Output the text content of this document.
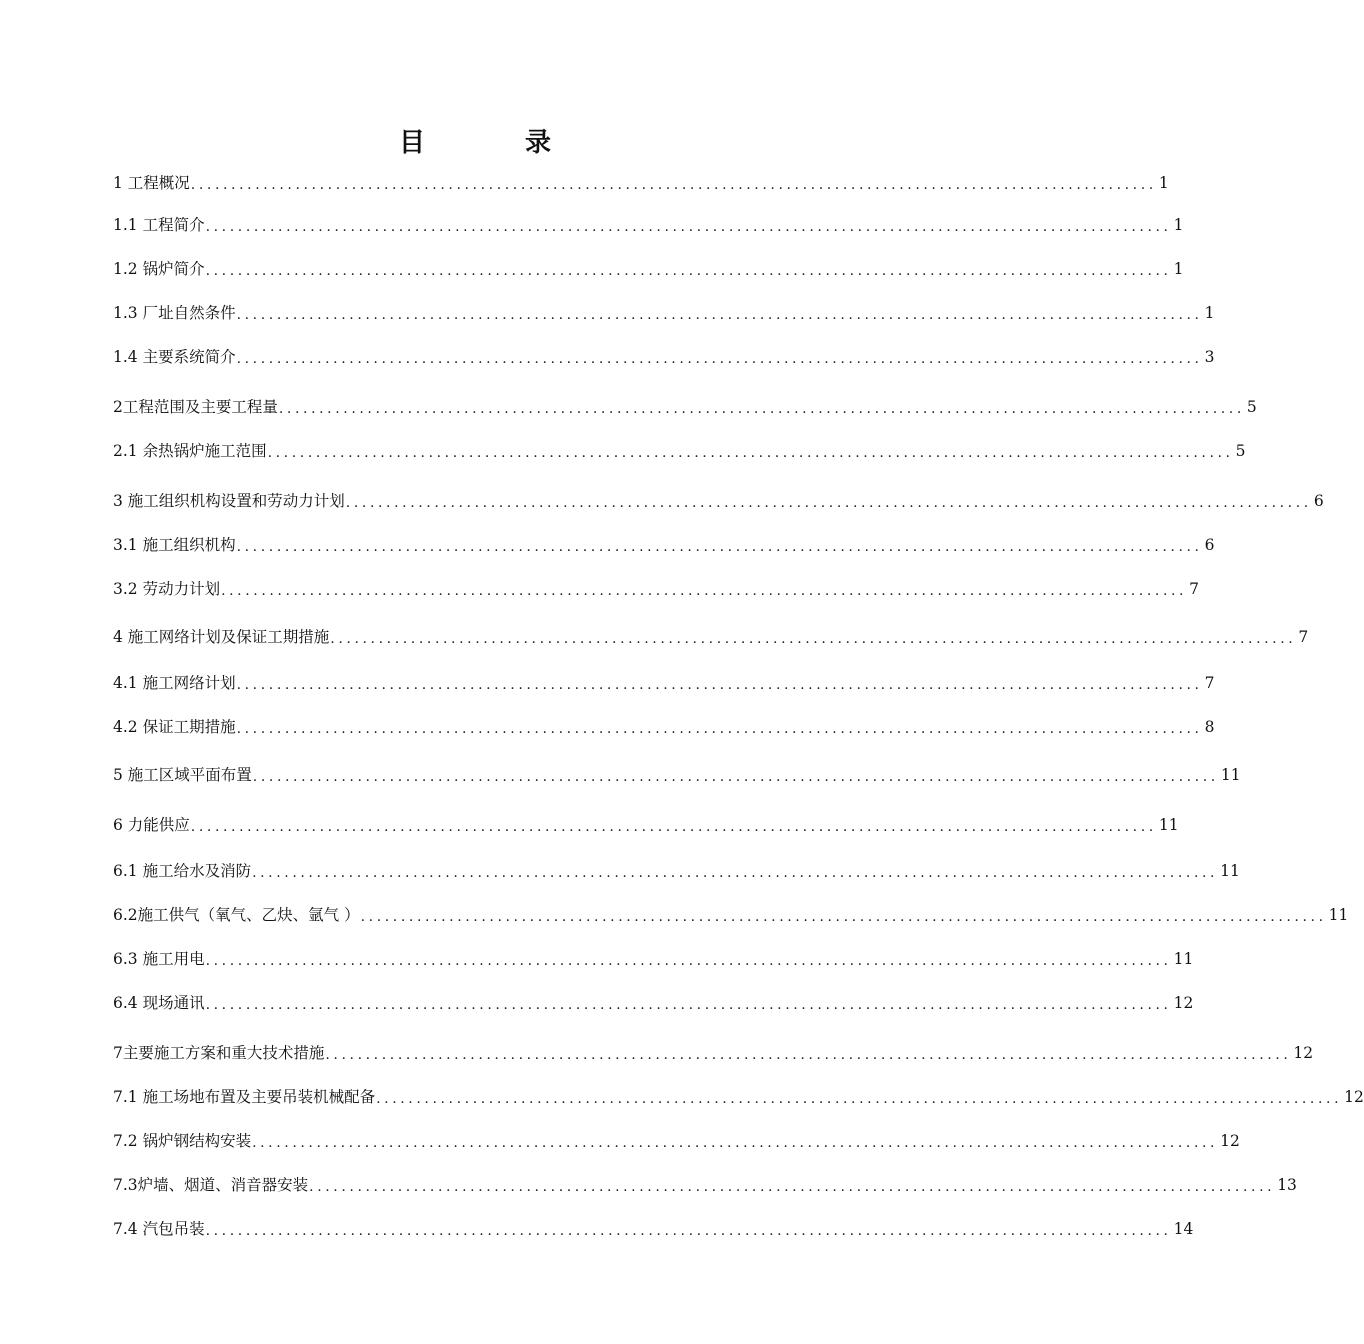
目	录
1 工程概况 ........................................................................................................................ 1
1.1 工程简介 ........................................................................................................................ 1
1.2 锅炉简介 ........................................................................................................................ 1
1.3 厂址自然条件 ........................................................................................................................ 1
1.4 主要系统简介 ........................................................................................................................ 3
2工程范围及主要工程量 ........................................................................................................................ 5
2.1 余热锅炉施工范围 ........................................................................................................................ 5
3 施工组织机构设置和劳动力计划 ........................................................................................................................ 6
3.1 施工组织机构 ........................................................................................................................ 6
3.2 劳动力计划 ........................................................................................................................ 7
4 施工网络计划及保证工期措施 ........................................................................................................................ 7
4.1 施工网络计划 ........................................................................................................................ 7
4.2 保证工期措施 ........................................................................................................................ 8
5 施工区域平面布置 ........................................................................................................................ 11
6 力能供应 ........................................................................................................................ 11
6.1 施工给水及消防 ........................................................................................................................ 11
6.2施工供气（氧气、乙炔、氩气 ） ........................................................................................................................ 11
6.3 施工用电 ........................................................................................................................ 11
6.4 现场通讯 ........................................................................................................................ 12
7主要施工方案和重大技术措施 ........................................................................................................................ 12
7.1 施工场地布置及主要吊装机械配备 ........................................................................................................................ 12
7.2 锅炉钢结构安装 ........................................................................................................................ 12
7.3炉墙、烟道、消音器安装 ........................................................................................................................ 13
7.4 汽包吊装 ........................................................................................................................ 14
